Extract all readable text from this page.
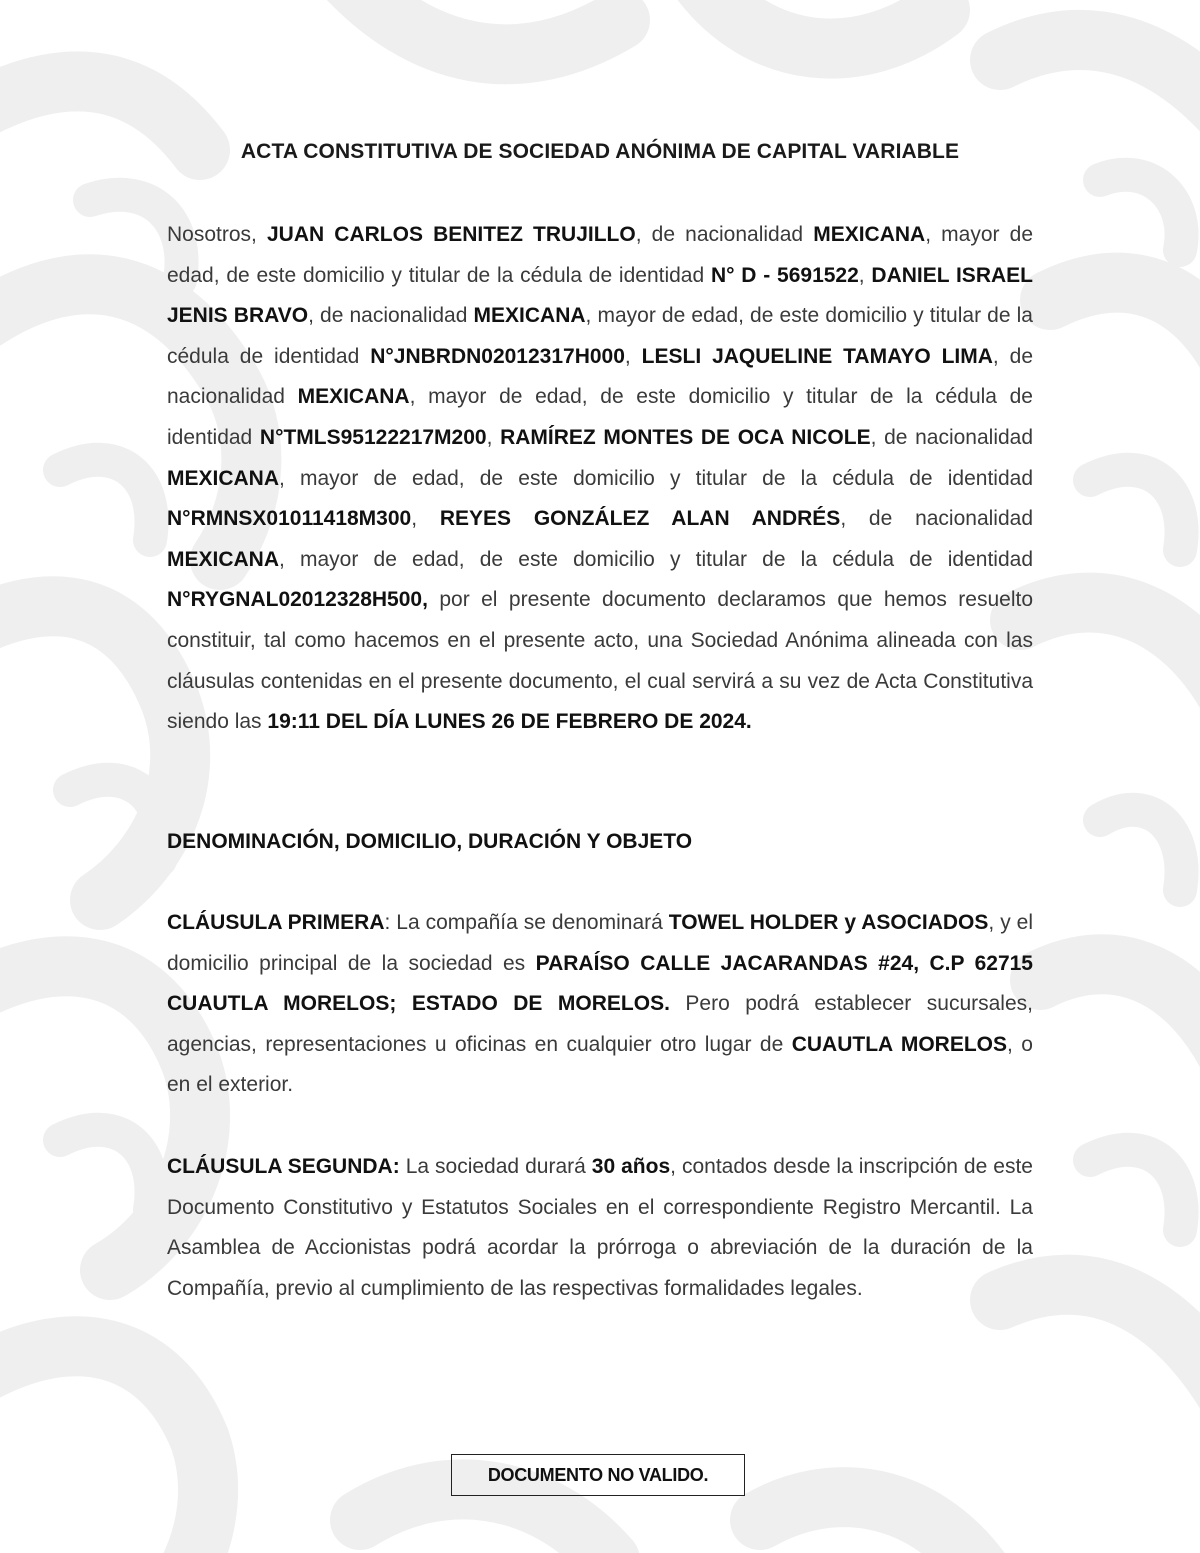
ACTA CONSTITUTIVA DE SOCIEDAD ANÓNIMA DE CAPITAL VARIABLE

Nosotros, JUAN CARLOS BENITEZ TRUJILLO, de nacionalidad MEXICANA, mayor de edad, de este domicilio y titular de la cédula de identidad N° D - 5691522, DANIEL ISRAEL JENIS BRAVO, de nacionalidad MEXICANA, mayor de edad, de este domicilio y titular de la cédula de identidad N°JNBRDN02012317H000, LESLI JAQUELINE TAMAYO LIMA, de nacionalidad MEXICANA, mayor de edad, de este domicilio y titular de la cédula de identidad N°TMLS95122217M200, RAMÍREZ MONTES DE OCA NICOLE, de nacionalidad MEXICANA, mayor de edad, de este domicilio y titular de la cédula de identidad N°RMNSX01011418M300, REYES GONZÁLEZ ALAN ANDRÉS, de nacionalidad MEXICANA, mayor de edad, de este domicilio y titular de la cédula de identidad N°RYGNAL02012328H500, por el presente documento declaramos que hemos resuelto constituir, tal como hacemos en el presente acto, una Sociedad Anónima alineada con las cláusulas contenidas en el presente documento, el cual servirá a su vez de Acta Constitutiva siendo las 19:11 DEL DÍA LUNES 26 DE FEBRERO DE 2024.

DENOMINACIÓN, DOMICILIO, DURACIÓN Y OBJETO

CLÁUSULA PRIMERA: La compañía se denominará TOWEL HOLDER y ASOCIADOS, y el domicilio principal de la sociedad es PARAÍSO CALLE JACARANDAS #24, C.P 62715 CUAUTLA MORELOS; ESTADO DE MORELOS. Pero podrá establecer sucursales, agencias, representaciones u oficinas en cualquier otro lugar de CUAUTLA MORELOS, o en el exterior.

CLÁUSULA SEGUNDA: La sociedad durará 30 años, contados desde la inscripción de este Documento Constitutivo y Estatutos Sociales en el correspondiente Registro Mercantil. La Asamblea de Accionistas podrá acordar la prórroga o abreviación de la duración de la Compañía, previo al cumplimiento de las respectivas formalidades legales.

DOCUMENTO NO VALIDO.
